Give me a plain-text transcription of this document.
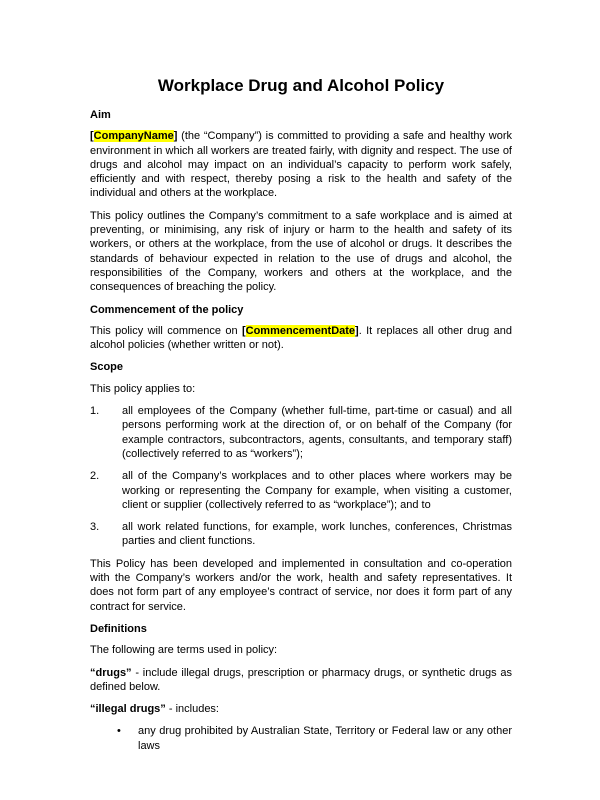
Workplace Drug and Alcohol Policy
Aim

[CompanyName] (the “Company”) is committed to providing a safe and healthy work environment in which all workers are treated fairly, with dignity and respect. The use of drugs and alcohol may impact on an individual’s capacity to perform work safely, efficiently and with respect, thereby posing a risk to the health and safety of the individual and others at the workplace.

This policy outlines the Company’s commitment to a safe workplace and is aimed at preventing, or minimising, any risk of injury or harm to the health and safety of its workers, or others at the workplace, from the use of alcohol or drugs. It describes the standards of behaviour expected in relation to the use of drugs and alcohol, the responsibilities of the Company, workers and others at the workplace, and the consequences of breaching the policy.

Commencement of the policy

This policy will commence on [CommencementDate]. It replaces all other drug and alcohol policies (whether written or not).

Scope

This policy applies to:

1.	all employees of the Company (whether full-time, part-time or casual) and all persons performing work at the direction of, or on behalf of the Company (for example contractors, subcontractors, agents, consultants, and temporary staff) (collectively referred to as “workers”);
2.	all of the Company’s workplaces and to other places where workers may be working or representing the Company for example, when visiting a customer, client or supplier (collectively referred to as “workplace”); and to
3.	all work related functions, for example, work lunches, conferences, Christmas parties and client functions.

This Policy has been developed and implemented in consultation and co-operation with the Company’s workers and/or the work, health and safety representatives. It does not form part of any employee’s contract of service, nor does it form part of any contract for service.

Definitions

The following are terms used in policy:

“drugs” - include illegal drugs, prescription or pharmacy drugs, or synthetic drugs as defined below.

“illegal drugs” - includes:

•	any drug prohibited by Australian State, Territory or Federal law or any other laws
